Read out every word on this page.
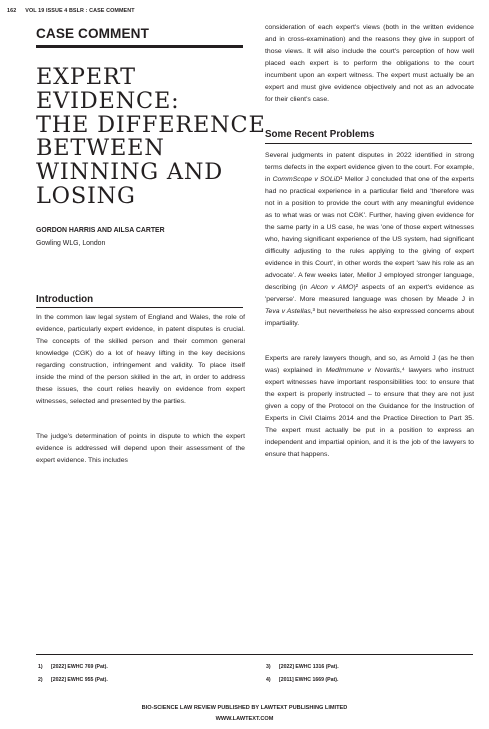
162 VOL 19 ISSUE 4 BSLR : CASE COMMENT
CASE COMMENT
EXPERT
EVIDENCE:
THE DIFFERENCE
BETWEEN
WINNING AND
LOSING
GORDON HARRIS AND AILSA CARTER
Gowling WLG, London
Introduction
In the common law legal system of England and Wales, the role of evidence, particularly expert evidence, in patent disputes is crucial. The concepts of the skilled person and their common general knowledge (CGK) do a lot of heavy lifting in the key decisions regarding construction, infringement and validity. To place itself inside the mind of the person skilled in the art, in order to address these issues, the court relies heavily on evidence from expert witnesses, selected and presented by the parties.
The judge's determination of points in dispute to which the expert evidence is addressed will depend upon their assessment of the expert evidence. This includes
consideration of each expert's views (both in the written evidence and in cross-examination) and the reasons they give in support of those views. It will also include the court's perception of how well placed each expert is to perform the obligations to the court incumbent upon an expert witness. The expert must actually be an expert and must give evidence objectively and not as an advocate for their client's case.
Some Recent Problems
Several judgments in patent disputes in 2022 identified in strong terms defects in the expert evidence given to the court. For example, in CommScope v SOLiD¹ Mellor J concluded that one of the experts had no practical experience in a particular field and 'therefore was not in a position to provide the court with any meaningful evidence as to what was or was not CGK'. Further, having given evidence for the same party in a US case, he was 'one of those expert witnesses who, having significant experience of the US system, had significant difficulty adjusting to the rules applying to the giving of expert evidence in this Court', in other words the expert 'saw his role as an advocate'. A few weeks later, Mellor J employed stronger language, describing (in Alcon v AMO)² aspects of an expert's evidence as 'perverse'. More measured language was chosen by Meade J in Teva v Astellas,³ but nevertheless he also expressed concerns about impartiality.
Experts are rarely lawyers though, and so, as Arnold J (as he then was) explained in MedImmune v Novartis,⁴ lawyers who instruct expert witnesses have important responsibilities too: to ensure that the expert is properly instructed – to ensure that they are not just given a copy of the Protocol on the Guidance for the Instruction of Experts in Civil Claims 2014 and the Practice Direction to Part 35. The expert must actually be put in a position to express an independent and impartial opinion, and it is the job of the lawyers to ensure that happens.
1) [2022] EWHC 769 (Pat).
2) [2022] EWHC 955 (Pat).
3) [2022] EWHC 1316 (Pat).
4) [2011] EWHC 1669 (Pat).
BIO-SCIENCE LAW REVIEW PUBLISHED BY LAWTEXT PUBLISHING LIMITED
WWW.LAWTEXT.COM
